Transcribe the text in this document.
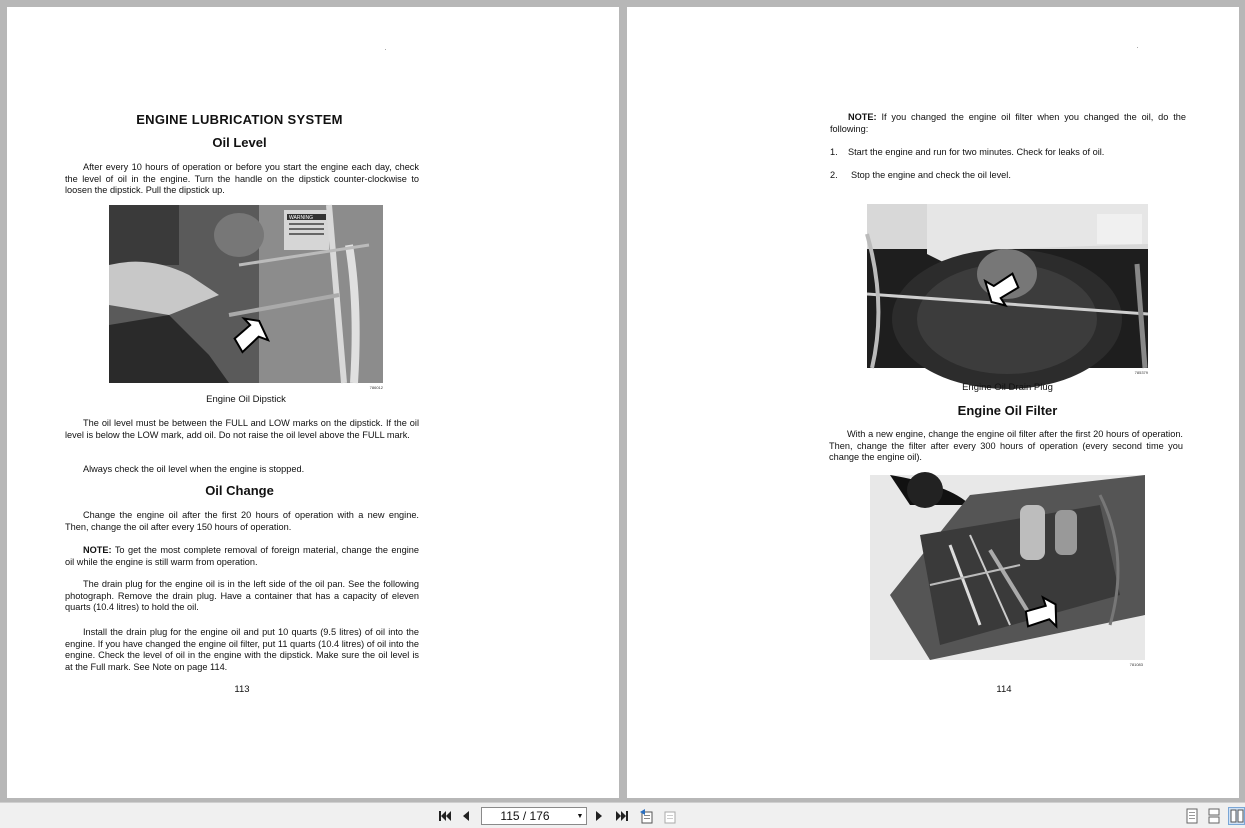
ENGINE LUBRICATION SYSTEM
Oil Level
After every 10 hours of operation or before you start the engine each day, check the level of oil in the engine. Turn the handle on the dipstick counter-clockwise to loosen the dipstick. Pull the dipstick up.
WARNING
786012
Engine Oil Dipstick
The oil level must be between the FULL and LOW marks on the dipstick. If the oil level is below the LOW mark, add oil. Do not raise the oil level above the FULL mark.
Always check the oil level when the engine is stopped.
Oil Change
Change the engine oil after the first 20 hours of operation with a new engine. Then, change the oil after every 150 hours of operation.
NOTE: To get the most complete removal of foreign material, change the engine oil while the engine is still warm from operation.
The drain plug for the engine oil is in the left side of the oil pan. See the following photograph. Remove the drain plug. Have a container that has a capacity of eleven quarts (10.4 litres) to hold the oil.
Install the drain plug for the engine oil and put 10 quarts (9.5 litres) of oil into the engine. If you have changed the engine oil filter, put 11 quarts (10.4 litres) of oil into the engine. Check the level of oil in the engine with the dipstick. Make sure the oil level is at the Full mark. See Note on page 114.
113
NOTE: If you changed the engine oil filter when you changed the oil, do the following:
1. Start the engine and run for two minutes. Check for leaks of oil.
2. Stop the engine and check the oil level.
785379
Engine Oil Drain Plug
Engine Oil Filter
With a new engine, change the engine oil filter after the first 20 hours of operation. Then, change the filter after every 300 hours of operation (every second time you change the engine oil).
781083
114
115 / 176	▼
